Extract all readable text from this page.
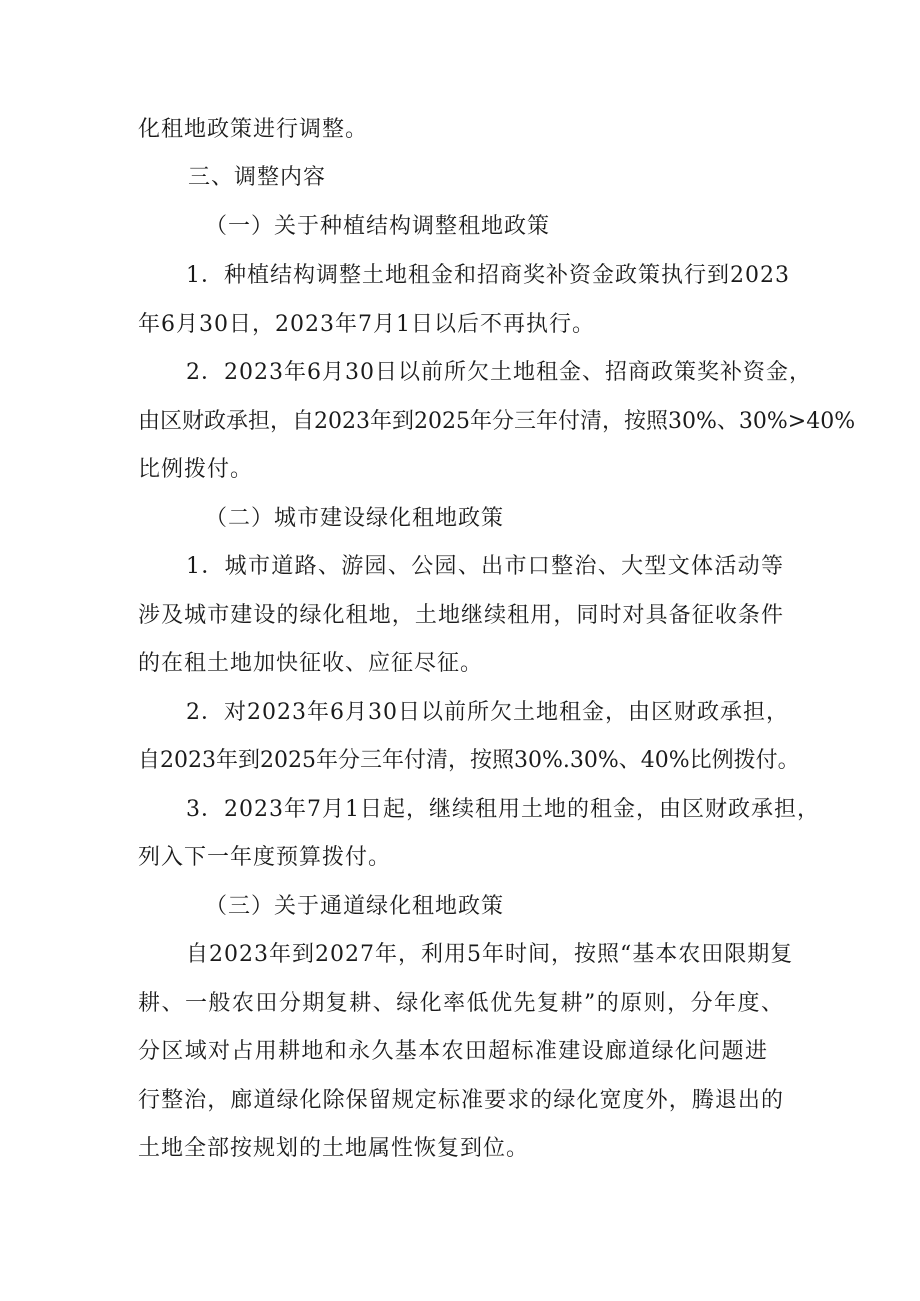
化租地政策进行调整。
三、调整内容
（一）关于种植结构调整租地政策
1．种植结构调整土地租金和招商奖补资金政策执行到2023
年6月30日，2023年7月1日以后不再执行。
2．2023年6月30日以前所欠土地租金、招商政策奖补资金，
由区财政承担，自2023年到2025年分三年付清，按照30%、30%>40%
比例拨付。
（二）城市建设绿化租地政策
1．城市道路、游园、公园、出市口整治、大型文体活动等
涉及城市建设的绿化租地，土地继续租用，同时对具备征收条件
的在租土地加快征收、应征尽征。
2．对2023年6月30日以前所欠土地租金，由区财政承担，
自2023年到2025年分三年付清，按照30%.30%、40%比例拨付。
3．2023年7月1日起，继续租用土地的租金，由区财政承担，
列入下一年度预算拨付。
（三）关于通道绿化租地政策
自2023年到2027年，利用5年时间，按照“基本农田限期复
耕、一般农田分期复耕、绿化率低优先复耕”的原则，分年度、
分区域对占用耕地和永久基本农田超标准建设廊道绿化问题进
行整治，廊道绿化除保留规定标准要求的绿化宽度外，腾退出的
土地全部按规划的土地属性恢复到位。
